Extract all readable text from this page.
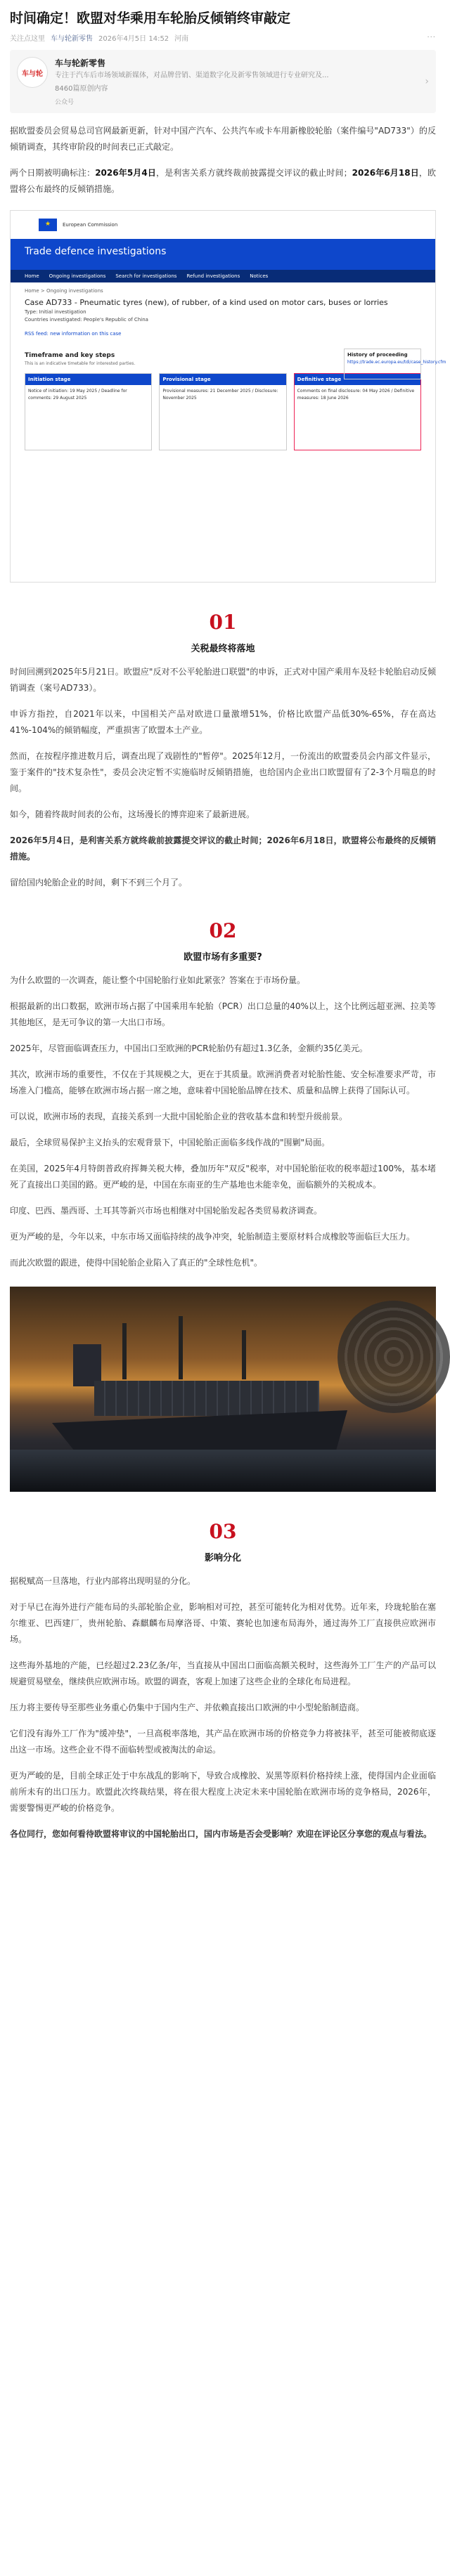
时间确定！欧盟对华乘用车轮胎反倾销终审敲定
关注点这里 车与轮新零售 2026年4月5日 14:52 河南	···
车与轮
车与轮新零售
专注于汽车后市场领域新媒体，对品牌营销、渠道数字化及新零售领域进行专业研究及...
8460篇原创内容
公众号
›

据欧盟委员会贸易总司官网最新更新，针对中国产汽车、公共汽车或卡车用新橡胶轮胎（案件编号"AD733"）的反倾销调查，其终审阶段的时间表已正式敲定。

两个日期被明确标注：2026年5月4日，是利害关系方就终裁前披露提交评议的截止时间；2026年6月18日，欧盟将公布最终的反倾销措施。

★
European Commission
Trade defence investigations
Home Ongoing investigations Search for investigations Refund investigations Notices
Home > Ongoing investigations
Case AD733 - Pneumatic tyres (new), of rubber, of a kind used on motor cars, buses or lorries
Type: Initial investigation
Countries investigated: People's Republic of China
History of proceeding
https://trade.ec.europa.eu/tdi/case_history.cfm
RSS feed: new information on this case
Timeframe and key steps
This is an indicative timetable for interested parties.
Initiation stage
Notice of initiation: 19 May 2025 / Deadline for comments: 29 August 2025
Provisional stage
Provisional measures: 21 December 2025 / Disclosure: November 2025
Definitive stage
Comments on final disclosure: 04 May 2026 / Definitive measures: 18 June 2026
01
关税最终将落地

时间回溯到2025年5月21日。欧盟应"反对不公平轮胎进口联盟"的申诉，正式对中国产乘用车及轻卡轮胎启动反倾销调查（案号AD733）。

申诉方指控，自2021年以来，中国相关产品对欧进口量激增51%，价格比欧盟产品低30%-65%，存在高达41%-104%的倾销幅度，严重损害了欧盟本土产业。

然而，在按程序推进数月后，调查出现了戏剧性的"暂停"。2025年12月，一份流出的欧盟委员会内部文件显示，鉴于案件的"技术复杂性"，委员会决定暂不实施临时反倾销措施，也给国内企业出口欧盟留有了2-3个月喘息的时间。

如今，随着终裁时间表的公布，这场漫长的博弈迎来了最新进展。

2026年5月4日，是利害关系方就终裁前披露提交评议的截止时间；2026年6月18日，欧盟将公布最终的反倾销措施。

留给国内轮胎企业的时间，剩下不到三个月了。

02
欧盟市场有多重要?

为什么欧盟的一次调查，能让整个中国轮胎行业如此紧张？答案在于市场份量。

根据最新的出口数据，欧洲市场占据了中国乘用车轮胎（PCR）出口总量的40%以上，这个比例远超亚洲、拉美等其他地区，是无可争议的第一大出口市场。

2025年，尽管面临调查压力，中国出口至欧洲的PCR轮胎仍有超过1.3亿条，金额约35亿美元。

其次，欧洲市场的重要性，不仅在于其规模之大，更在于其质量。欧洲消费者对轮胎性能、安全标准要求严苛，市场准入门槛高，能够在欧洲市场占据一席之地，意味着中国轮胎品牌在技术、质量和品牌上获得了国际认可。

可以说，欧洲市场的表现，直接关系到一大批中国轮胎企业的营收基本盘和转型升级前景。

最后，全球贸易保护主义抬头的宏观背景下，中国轮胎正面临多线作战的"围剿"局面。

在美国，2025年4月特朗普政府挥舞关税大棒，叠加历年"双反"税率，对中国轮胎征收的税率超过100%，基本堵死了直接出口美国的路。更严峻的是，中国在东南亚的生产基地也未能幸免，面临额外的关税成本。

印度、巴西、墨西哥、土耳其等新兴市场也相继对中国轮胎发起各类贸易救济调查。

更为严峻的是，今年以来，中东市场又面临持续的战争冲突，轮胎制造主要原材料合成橡胶等面临巨大压力。

而此次欧盟的跟进，使得中国轮胎企业陷入了真正的"全球性危机"。

03
影响分化

据税赋高一旦落地，行业内部将出现明显的分化。

对于早已在海外进行产能布局的头部轮胎企业，影响相对可控，甚至可能转化为相对优势。近年来，玲珑轮胎在塞尔维亚、巴西建厂，贵州轮胎、森麒麟布局摩洛哥、中策、赛轮也加速布局海外，通过海外工厂直接供应欧洲市场。

这些海外基地的产能，已经超过2.23亿条/年，当直接从中国出口面临高额关税时，这些海外工厂生产的产品可以规避贸易壁垒，继续供应欧洲市场。欧盟的调查，客观上加速了这些企业的全球化布局进程。

压力将主要传导至那些业务重心仍集中于国内生产、并依赖直接出口欧洲的中小型轮胎制造商。

它们没有海外工厂作为"缓冲垫"，一旦高税率落地，其产品在欧洲市场的价格竞争力将被抹平，甚至可能被彻底逐出这一市场。这些企业不得不面临转型或被淘汰的命运。

更为严峻的是，目前全球正处于中东战乱的影响下，导致合成橡胶、炭黑等原料价格持续上涨，使得国内企业面临前所未有的出口压力。欧盟此次终裁结果，将在很大程度上决定未来中国轮胎在欧洲市场的竞争格局，2026年，需要警惕更严峻的价格竞争。

各位同行，您如何看待欧盟将审议的中国轮胎出口，国内市场是否会受影响？欢迎在评论区分享您的观点与看法。
